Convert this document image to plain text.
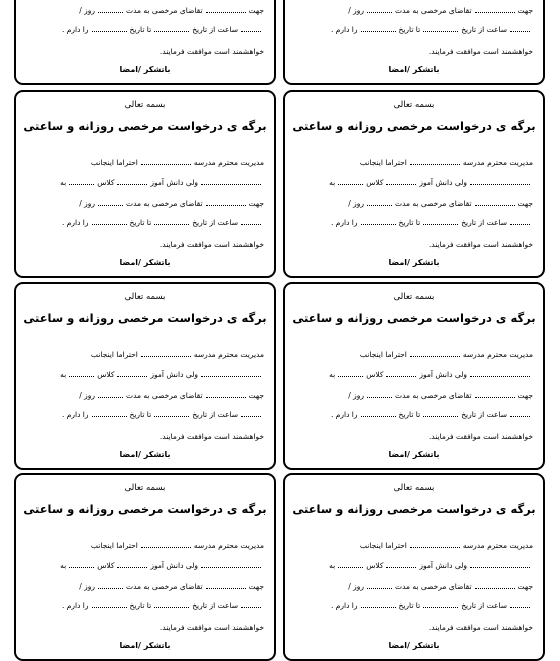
جهت
تقاضای مرخصی به مدت
روز /
ساعت از تاریخ
تا تاریخ
را دارم .
خواهشمند است موافقت فرمایند.
باتشکر /امضا
جهت
تقاضای مرخصی به مدت
روز /
ساعت از تاریخ
تا تاریخ
را دارم .
خواهشمند است موافقت فرمایند.
باتشکر /امضا
بسمه تعالی
برگه ی درخواست مرخصی روزانه و ساعتی
مدیریت محترم مدرسه
احتراما اینجانب
ولی دانش آموز
کلاس
به
جهت
تقاضای مرخصی به مدت
روز /
ساعت از تاریخ
تا تاریخ
را دارم .
خواهشمند است موافقت فرمایند.
باتشکر /امضا
بسمه تعالی
برگه ی درخواست مرخصی روزانه و ساعتی
مدیریت محترم مدرسه
احتراما اینجانب
ولی دانش آموز
کلاس
به
جهت
تقاضای مرخصی به مدت
روز /
ساعت از تاریخ
تا تاریخ
را دارم .
خواهشمند است موافقت فرمایند.
باتشکر /امضا
بسمه تعالی
برگه ی درخواست مرخصی روزانه و ساعتی
مدیریت محترم مدرسه
احتراما اینجانب
ولی دانش آموز
کلاس
به
جهت
تقاضای مرخصی به مدت
روز /
ساعت از تاریخ
تا تاریخ
را دارم .
خواهشمند است موافقت فرمایند.
باتشکر /امضا
بسمه تعالی
برگه ی درخواست مرخصی روزانه و ساعتی
مدیریت محترم مدرسه
احتراما اینجانب
ولی دانش آموز
کلاس
به
جهت
تقاضای مرخصی به مدت
روز /
ساعت از تاریخ
تا تاریخ
را دارم .
خواهشمند است موافقت فرمایند.
باتشکر /امضا
بسمه تعالی
برگه ی درخواست مرخصی روزانه و ساعتی
مدیریت محترم مدرسه
احتراما اینجانب
ولی دانش آموز
کلاس
به
جهت
تقاضای مرخصی به مدت
روز /
ساعت از تاریخ
تا تاریخ
را دارم .
خواهشمند است موافقت فرمایند.
باتشکر /امضا
بسمه تعالی
برگه ی درخواست مرخصی روزانه و ساعتی
مدیریت محترم مدرسه
احتراما اینجانب
ولی دانش آموز
کلاس
به
جهت
تقاضای مرخصی به مدت
روز /
ساعت از تاریخ
تا تاریخ
را دارم .
خواهشمند است موافقت فرمایند.
باتشکر /امضا
